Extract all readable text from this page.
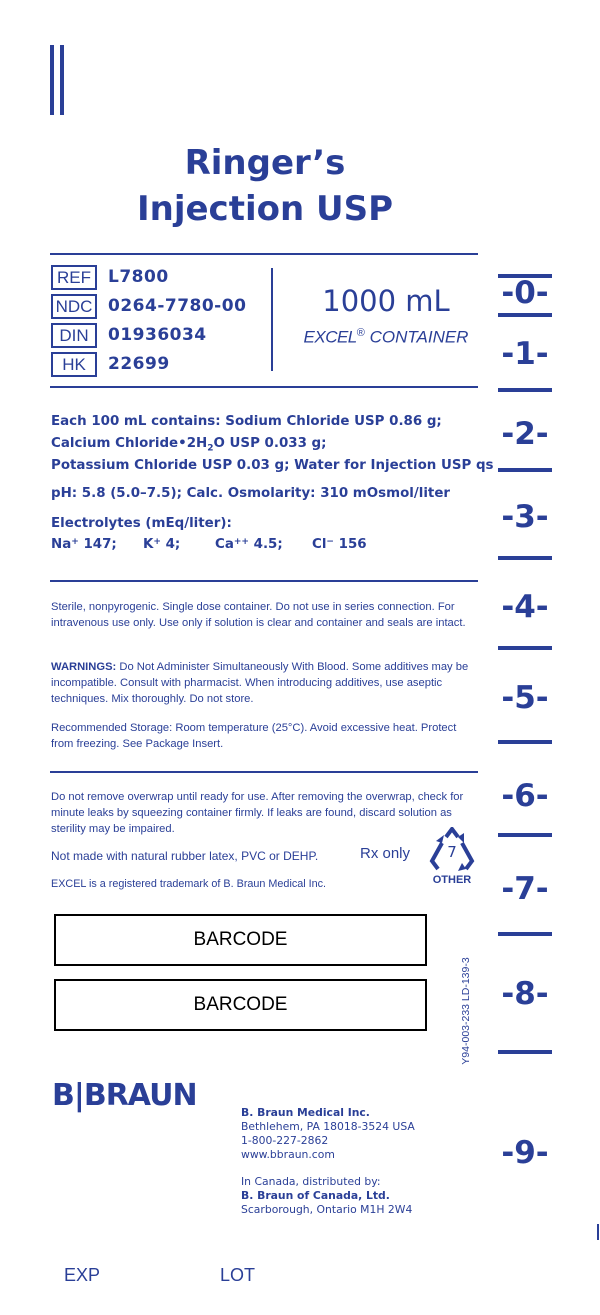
Ringer’s
Injection USP
REF	L7800
NDC 0264-7780-00
DIN	01936034
HK	22699
1000 mL
EXCEL® CONTAINER
Each 100 mL contains: Sodium Chloride USP 0.86 g;
Calcium $Chloride•2H_2O$ USP 0.033 g;
Potassium Chloride USP 0.03 g; Water for Injection USP qs
pH: 5.8 (5.0–7.5); Calc. Osmolarity: 310 mOsmol/liter
Electrolytes (mEq/liter):
Na+ 147; K+ 4;	Ca++ 4.5; Cl− 156
Sterile, nonpyrogenic. Single dose container. Do not use in series connection. For intravenous use only. Use only if solution is clear and container and seals are intact.
WARNINGS: Do Not Administer Simultaneously With Blood. Some additives may be incompatible. Consult with pharmacist. When introducing additives, use aseptic techniques. Mix thoroughly. Do not store.
Recommended Storage: Room temperature (25°C). Avoid excessive heat. Protect from freezing. See Package Insert.
Do not remove overwrap until ready for use. After removing the overwrap, check for minute leaks by squeezing container firmly. If leaks are found, discard solution as sterility may be impaired.
Not made with natural rubber latex, PVC or DEHP.	Rx only
EXCEL is a registered trademark of B. Braun Medical Inc.
7
OTHER
BARCODE
BARCODE	Y94-003-233 LD-139-3
B|BRAUN	B. Braun Medical Inc.
Bethlehem, PA 18018-3524 USA
1-800-227-2862
www.bbraun.com
In Canada, distributed by:
B. Braun of Canada, Ltd.
Scarborough, Ontario M1H 2W4
-0-
-1-
-2-
-3-
-4-
-5-
-6-
-7-
-8-
-9-
EXP	LOT
